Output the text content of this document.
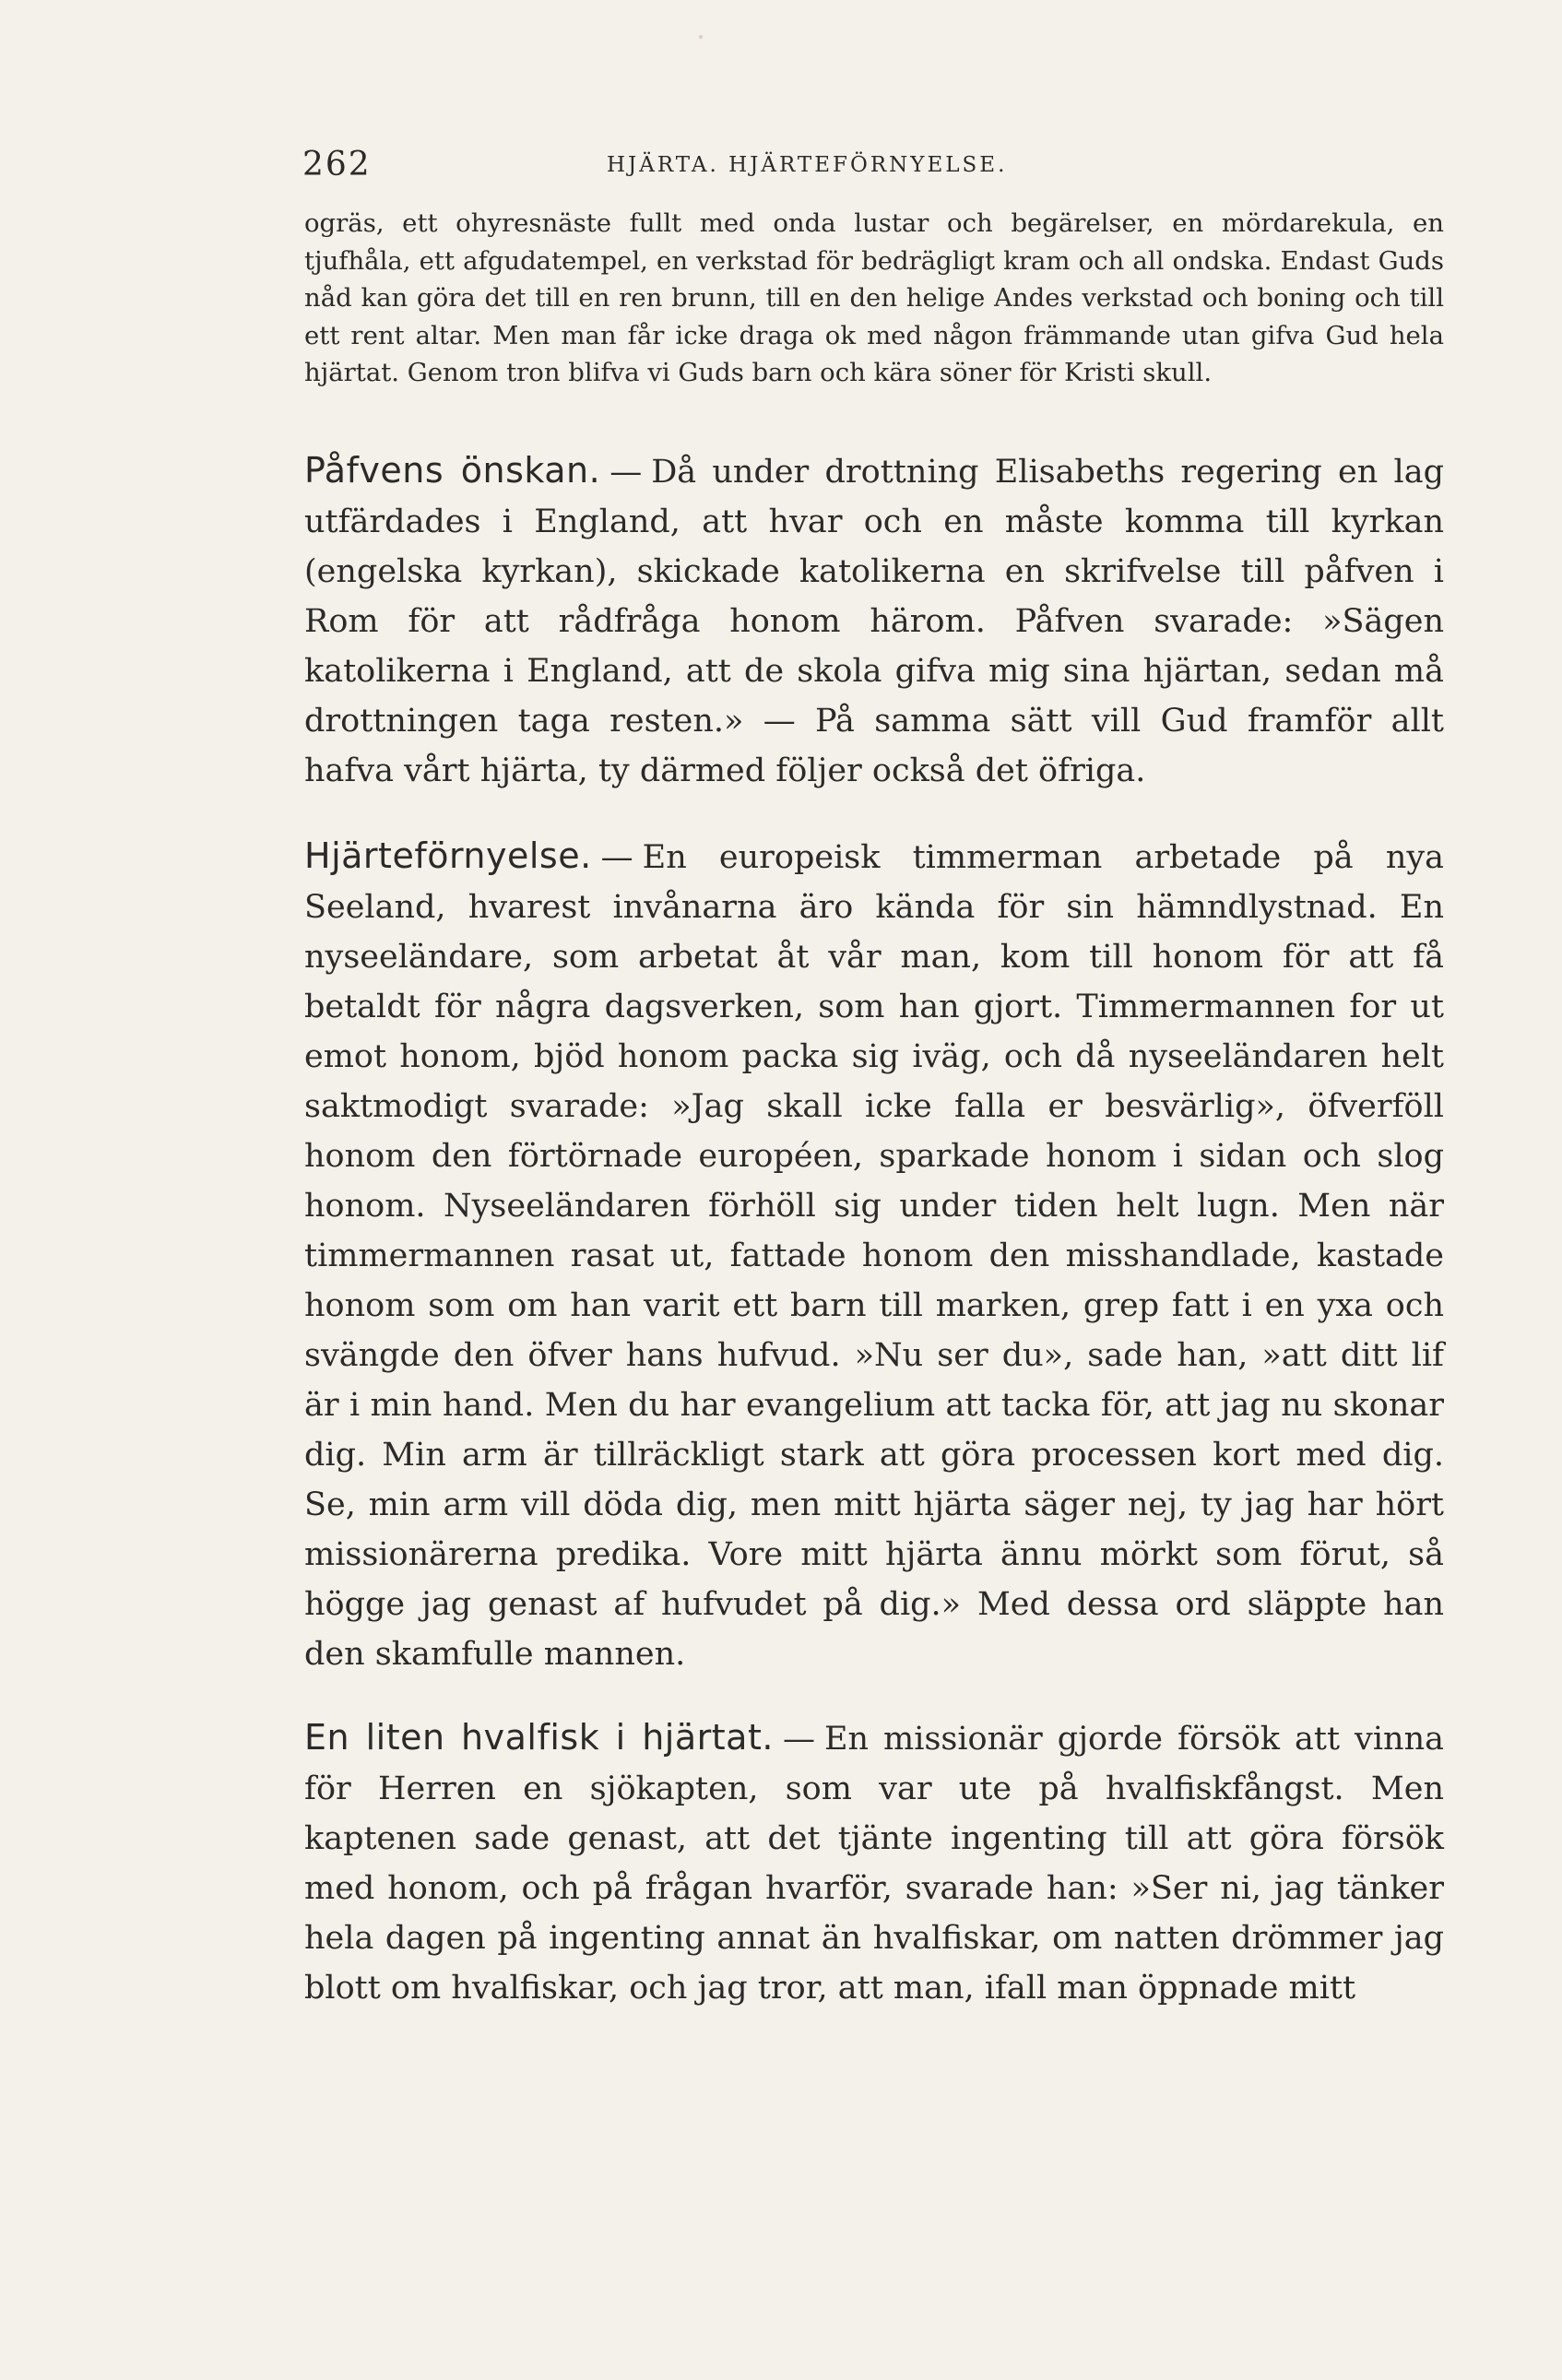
262	HJÄRTA. HJÄRTEFÖRNYELSE.

ogräs, ett ohyresnäste fullt med onda lustar och begärelser, en mördarekula, en tjufhåla, ett afgudatempel, en verkstad för bedrägligt kram och all ondska. Endast Guds nåd kan göra det till en ren brunn, till en den helige Andes verkstad och boning och till ett rent altar. Men man får icke draga ok med någon främmande utan gifva Gud hela hjärtat. Genom tron blifva vi Guds barn och kära söner för Kristi skull.

Påfvens önskan. — Då under drottning Elisabeths regering en lag utfärdades i England, att hvar och en måste komma till kyrkan (engelska kyrkan), skickade katolikerna en skrifvelse till påfven i Rom för att rådfråga honom härom. Påfven svarade: »Sägen katolikerna i England, att de skola gifva mig sina hjärtan, sedan må drottningen taga resten.» — På samma sätt vill Gud framför allt hafva vårt hjärta, ty därmed följer också det öfriga.

Hjärteförnyelse. — En europeisk timmerman arbetade på nya Seeland, hvarest invånarna äro kända för sin hämndlystnad. En nyseeländare, som arbetat åt vår man, kom till honom för att få betaldt för några dagsverken, som han gjort. Timmermannen for ut emot honom, bjöd honom packa sig iväg, och då nyseeländaren helt saktmodigt svarade: »Jag skall icke falla er besvärlig», öfverföll honom den förtörnade européen, sparkade honom i sidan och slog honom. Nyseeländaren förhöll sig under tiden helt lugn. Men när timmermannen rasat ut, fattade honom den misshandlade, kastade honom som om han varit ett barn till marken, grep fatt i en yxa och svängde den öfver hans hufvud. »Nu ser du», sade han, »att ditt lif är i min hand. Men du har evangelium att tacka för, att jag nu skonar dig. Min arm är tillräckligt stark att göra processen kort med dig. Se, min arm vill döda dig, men mitt hjärta säger nej, ty jag har hört missionärerna predika. Vore mitt hjärta ännu mörkt som förut, så högge jag genast af hufvudet på dig.» Med dessa ord släppte han den skamfulle mannen.

En liten hvalfisk i hjärtat. — En missionär gjorde försök att vinna för Herren en sjökapten, som var ute på hvalfiskfångst. Men kaptenen sade genast, att det tjänte ingenting till att göra försök med honom, och på frågan hvarför, svarade han: »Ser ni, jag tänker hela dagen på ingenting annat än hvalfiskar, om natten drömmer jag blott om hvalfiskar, och jag tror, att man, ifall man öppnade mitt
